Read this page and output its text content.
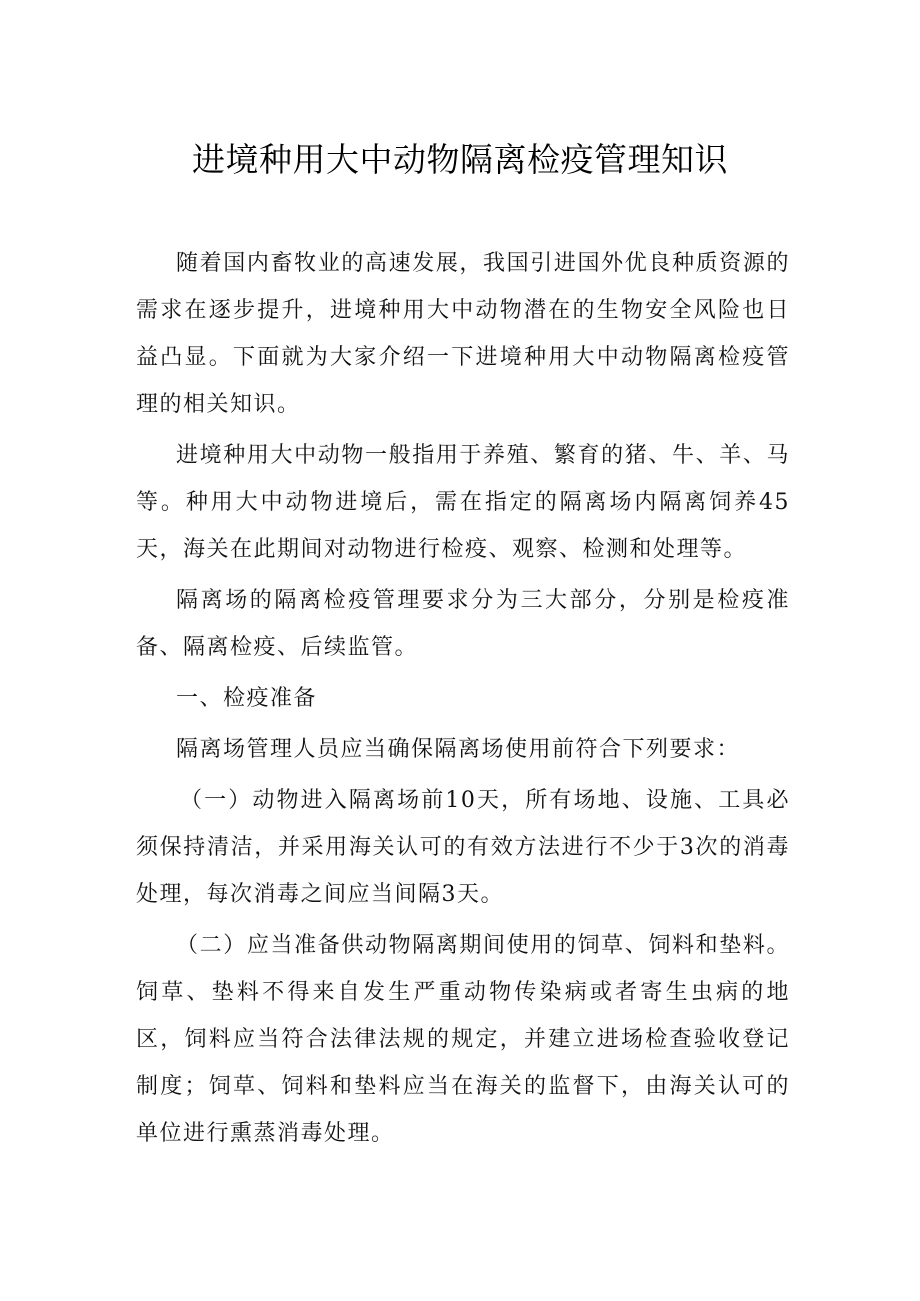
进境种用大中动物隔离检疫管理知识

随着国内畜牧业的高速发展，我国引进国外优良种质资源的需求在逐步提升，进境种用大中动物潜在的生物安全风险也日益凸显。下面就为大家介绍一下进境种用大中动物隔离检疫管理的相关知识。

进境种用大中动物一般指用于养殖、繁育的猪、牛、羊、马等。种用大中动物进境后，需在指定的隔离场内隔离饲养45天，海关在此期间对动物进行检疫、观察、检测和处理等。

隔离场的隔离检疫管理要求分为三大部分，分别是检疫准备、隔离检疫、后续监管。

一、检疫准备

隔离场管理人员应当确保隔离场使用前符合下列要求：

（一）动物进入隔离场前10天，所有场地、设施、工具必须保持清洁，并采用海关认可的有效方法进行不少于3次的消毒处理，每次消毒之间应当间隔3天。

（二）应当准备供动物隔离期间使用的饲草、饲料和垫料。饲草、垫料不得来自发生严重动物传染病或者寄生虫病的地区，饲料应当符合法律法规的规定，并建立进场检查验收登记制度；饲草、饲料和垫料应当在海关的监督下，由海关认可的单位进行熏蒸消毒处理。
